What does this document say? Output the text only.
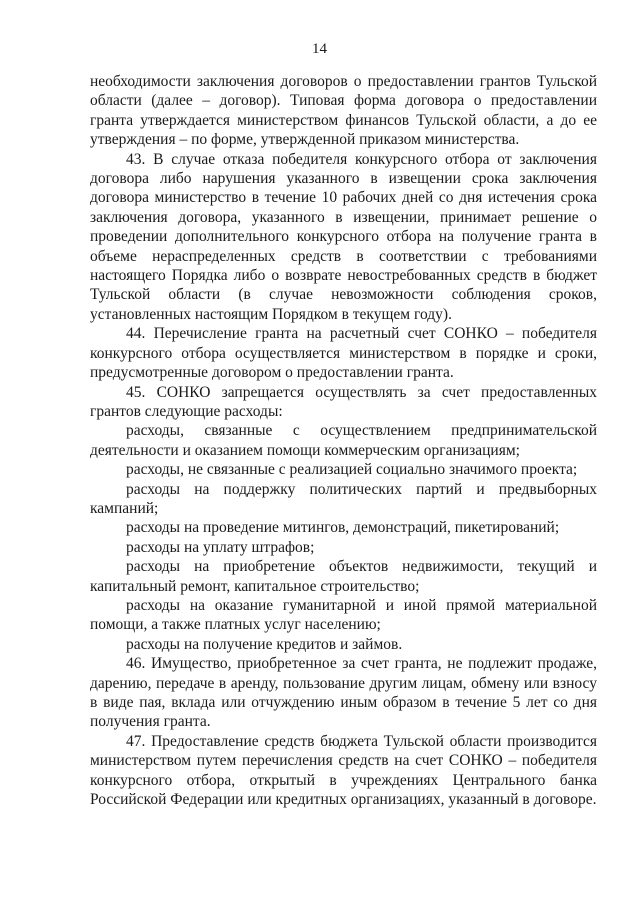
14

необходимости заключения договоров о предоставлении грантов Тульской области (далее – договор). Типовая форма договора о предоставлении гранта утверждается министерством финансов Тульской области, а до ее утверждения – по форме, утвержденной приказом министерства.

43. В случае отказа победителя конкурсного отбора от заключения договора либо нарушения указанного в извещении срока заключения договора министерство в течение 10 рабочих дней со дня истечения срока заключения договора, указанного в извещении, принимает решение о проведении дополнительного конкурсного отбора на получение гранта в объеме нераспределенных средств в соответствии с требованиями настоящего Порядка либо о возврате невостребованных средств в бюджет Тульской области (в случае невозможности соблюдения сроков, установленных настоящим Порядком в текущем году).

44. Перечисление гранта на расчетный счет СОНКО – победителя конкурсного отбора осуществляется министерством в порядке и сроки, предусмотренные договором о предоставлении гранта.

45. СОНКО запрещается осуществлять за счет предоставленных грантов следующие расходы:

расходы, связанные с осуществлением предпринимательской деятельности и оказанием помощи коммерческим организациям;

расходы, не связанные с реализацией социально значимого проекта;

расходы на поддержку политических партий и предвыборных кампаний;

расходы на проведение митингов, демонстраций, пикетирований;

расходы на уплату штрафов;

расходы на приобретение объектов недвижимости, текущий и капитальный ремонт, капитальное строительство;

расходы на оказание гуманитарной и иной прямой материальной помощи, а также платных услуг населению;

расходы на получение кредитов и займов.

46. Имущество, приобретенное за счет гранта, не подлежит продаже, дарению, передаче в аренду, пользование другим лицам, обмену или взносу в виде пая, вклада или отчуждению иным образом в течение 5 лет со дня получения гранта.

47. Предоставление средств бюджета Тульской области производится министерством путем перечисления средств на счет СОНКО – победителя конкурсного отбора, открытый в учреждениях Центрального банка Российской Федерации или кредитных организациях, указанный в договоре.
